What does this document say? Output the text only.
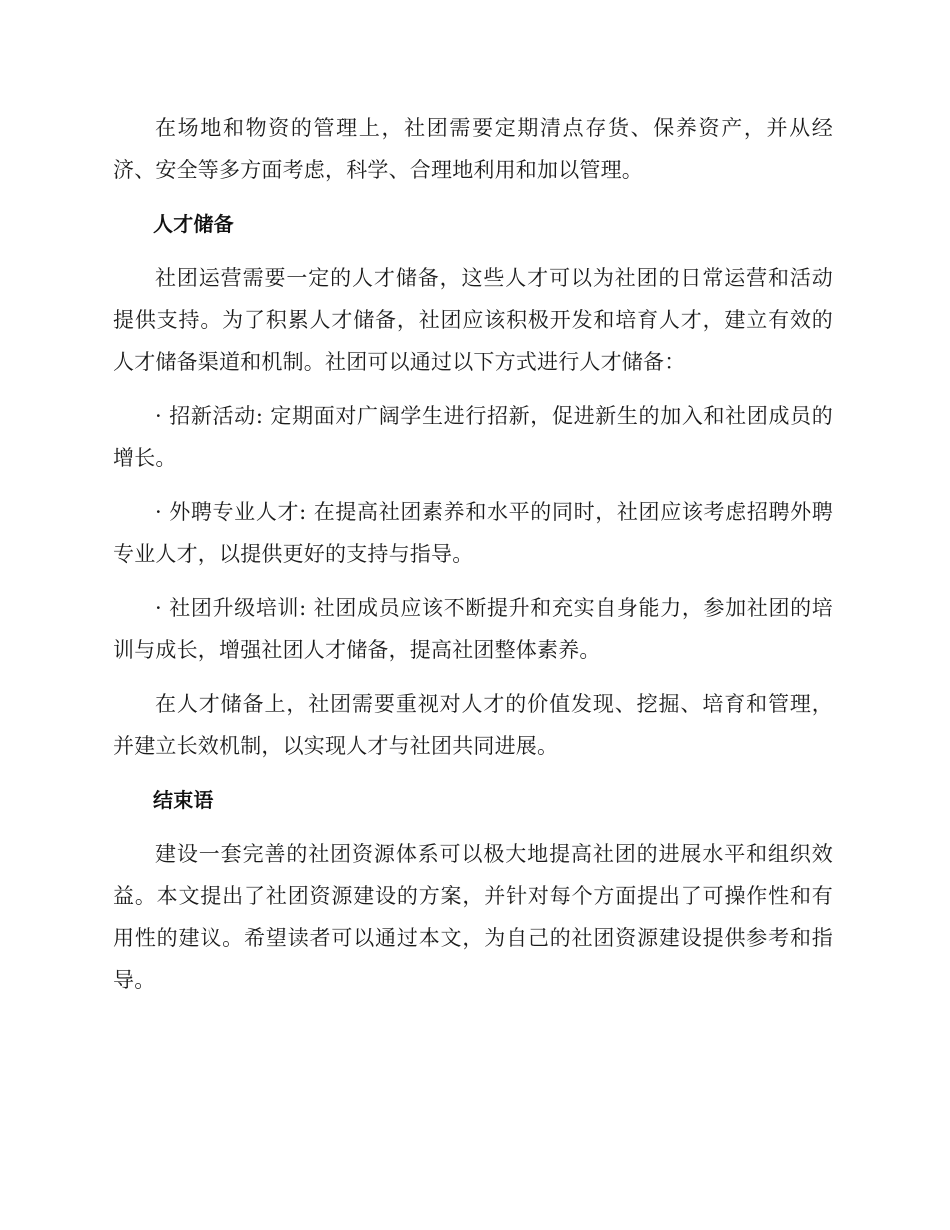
在场地和物资的管理上，社团需要定期清点存货、保养资产，并从经济、安全等多方面考虑，科学、合理地利用和加以管理。

人才储备

社团运营需要一定的人才储备，这些人才可以为社团的日常运营和活动提供支持。为了积累人才储备，社团应该积极开发和培育人才，建立有效的人才储备渠道和机制。社团可以通过以下方式进行人才储备：

· 招新活动: 定期面对广阔学生进行招新，促进新生的加入和社团成员的增长。

· 外聘专业人才: 在提高社团素养和水平的同时，社团应该考虑招聘外聘专业人才，以提供更好的支持与指导。

· 社团升级培训: 社团成员应该不断提升和充实自身能力，参加社团的培训与成长，增强社团人才储备，提高社团整体素养。

在人才储备上，社团需要重视对人才的价值发现、挖掘、培育和管理，并建立长效机制，以实现人才与社团共同进展。

结束语

建设一套完善的社团资源体系可以极大地提高社团的进展水平和组织效益。本文提出了社团资源建设的方案，并针对每个方面提出了可操作性和有用性的建议。希望读者可以通过本文，为自己的社团资源建设提供参考和指导。
